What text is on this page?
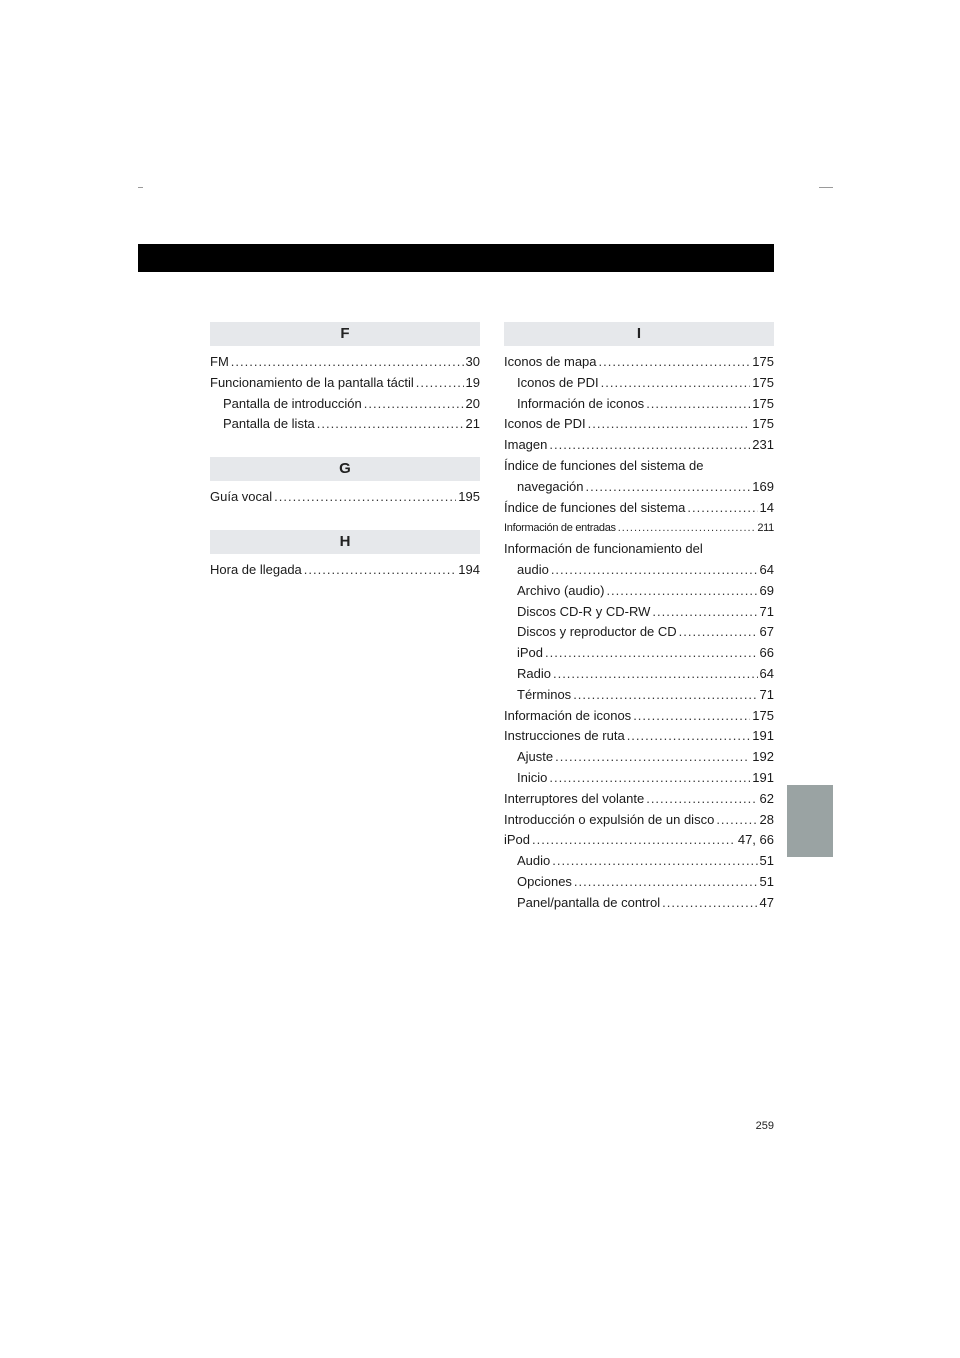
F
FM .....	30
Funcionamiento de la pantalla táctil .....	19
Pantalla de introducción .....	20
Pantalla de lista .....	21
G
Guía vocal .....	195
H
Hora de llegada .....	194
I
Iconos de mapa .....	175
Iconos de PDI .....	175
Información de iconos .....	175
Iconos de PDI .....	175
Imagen .....	231
Índice de funciones del sistema de
navegación .....	169
Índice de funciones del sistema .....	14
Información de entradas .....	211
Información de funcionamiento del
audio .....	64
Archivo (audio) .....	69
Discos CD-R y CD-RW .....	71
Discos y reproductor de CD .....	67
iPod .....	66
Radio .....	64
Términos .....	71
Información de iconos .....	175
Instrucciones de ruta .....	191
Ajuste .....	192
Inicio .....	191
Interruptores del volante .....	62
Introducción o expulsión de un disco .....	28
iPod .....	47, 66
Audio .....	51
Opciones .....	51
Panel/pantalla de control .....	47
259
